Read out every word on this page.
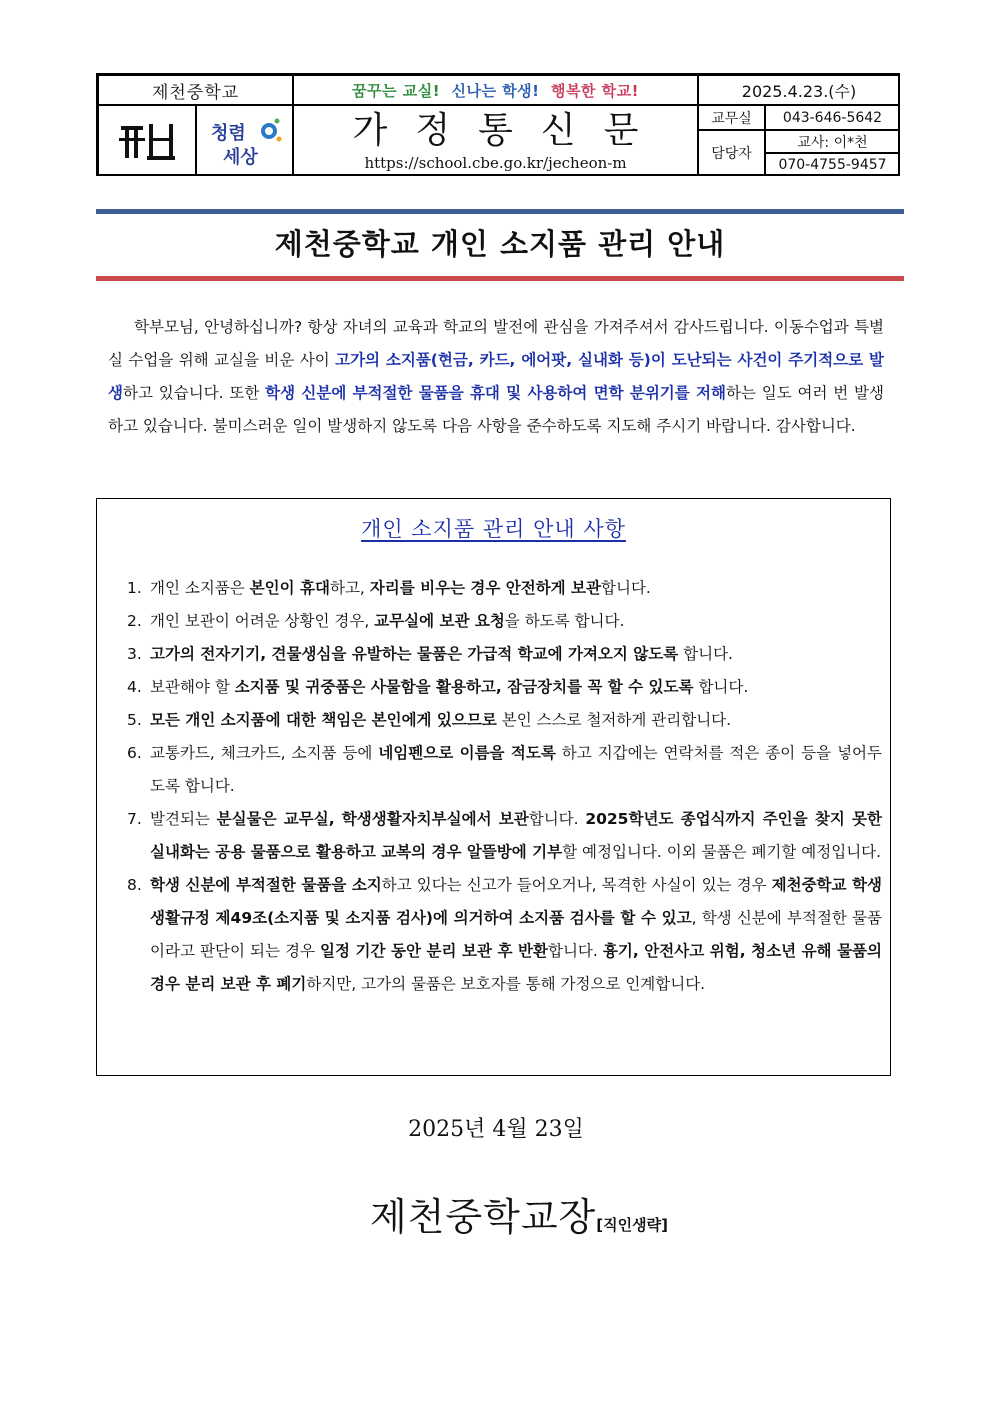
제천중학교	꿈꾸는 교실!
신나는 학생!
행복한 학교!	2025.4.23.(수)
청렴
세상
가정통신문
https://school.cbe.go.kr/jecheon-m
교무실
담당자
043-646-5642
교사: 이*천
070-4755-9457
제천중학교 개인 소지품 관리 안내

학부모님, 안녕하십니까? 항상 자녀의 교육과 학교의 발전에 관심을 가져주셔서 감사드립니다. 이동수업과 특별실 수업을 위해 교실을 비운 사이 고가의 소지품(현금, 카드, 에어팟, 실내화 등)이 도난되는 사건이 주기적으로 발생하고 있습니다. 또한 학생 신분에 부적절한 물품을 휴대 및 사용하여 면학 분위기를 저해하는 일도 여러 번 발생하고 있습니다. 불미스러운 일이 발생하지 않도록 다음 사항을 준수하도록 지도해 주시기 바랍니다. 감사합니다.

개인 소지품 관리 안내 사항
1. 개인 소지품은 본인이 휴대하고, 자리를 비우는 경우 안전하게 보관합니다.
2. 개인 보관이 어려운 상황인 경우, 교무실에 보관 요청을 하도록 합니다.
3. 고가의 전자기기, 견물생심을 유발하는 물품은 가급적 학교에 가져오지 않도록 합니다.
4. 보관해야 할 소지품 및 귀중품은 사물함을 활용하고, 잠금장치를 꼭 할 수 있도록 합니다.
5. 모든 개인 소지품에 대한 책임은 본인에게 있으므로 본인 스스로 철저하게 관리합니다.
6. 교통카드, 체크카드, 소지품 등에 네임펜으로 이름을 적도록 하고 지갑에는 연락처를 적은 종이 등을 넣어두도록 합니다.
7. 발견되는 분실물은 교무실, 학생생활자치부실에서 보관합니다. 2025학년도 종업식까지 주인을 찾지 못한 실내화는 공용 물품으로 활용하고 교복의 경우 알뜰방에 기부할 예정입니다. 이외 물품은 폐기할 예정입니다.
8. 학생 신분에 부적절한 물품을 소지하고 있다는 신고가 들어오거나, 목격한 사실이 있는 경우 제천중학교 학생생활규정 제49조(소지품 및 소지품 검사)에 의거하여 소지품 검사를 할 수 있고, 학생 신분에 부적절한 물품이라고 판단이 되는 경우 일정 기간 동안 분리 보관 후 반환합니다. 흉기, 안전사고 위험, 청소년 유해 물품의 경우 분리 보관 후 폐기하지만, 고가의 물품은 보호자를 통해 가정으로 인계합니다.
2025년 4월 23일
제천중학교장[직인생략]
